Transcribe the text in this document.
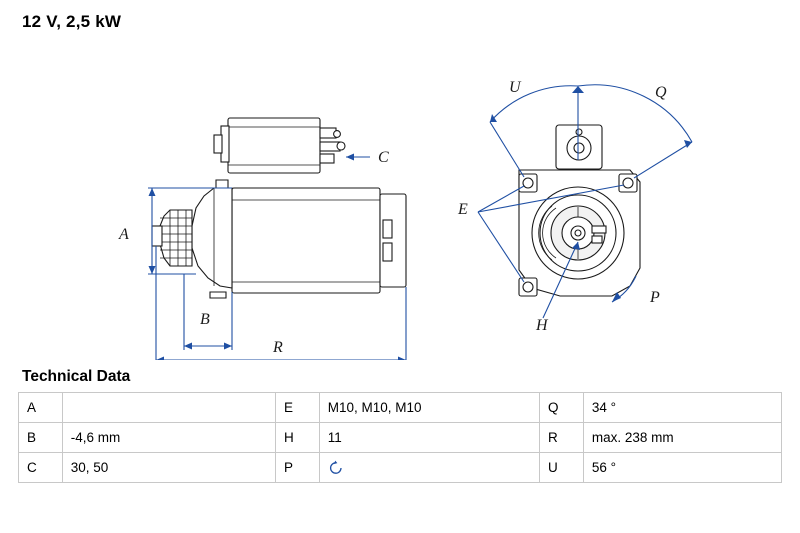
12 V, 2,5 kW
C
A
B
R
U	Q
E
H
P
Technical Data
A		E	M10, M10, M10	Q	34 °
B	-4,6 mm	H	11	R	max. 238 mm
C	30, 50	P		U	56 °
